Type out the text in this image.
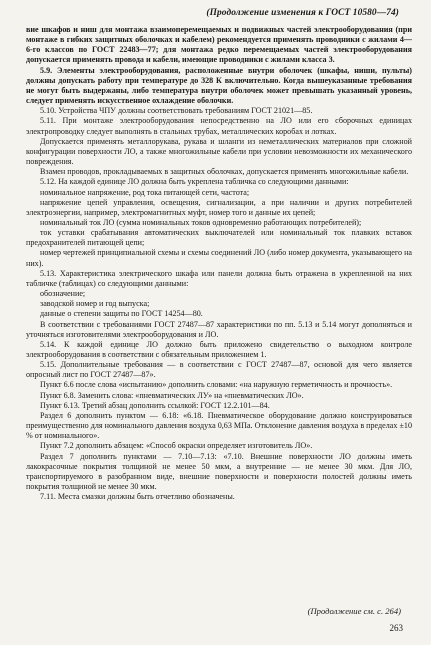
(Продолжение изменения к ГОСТ 10580—74)

вие шкафов и ниш для монтажа взаимоперемещаемых и подвижных частей электрооборудования (при монтаже в гибких защитных оболочках и кабелем) рекомендуется применять проводники с жилами 4—6-го классов по ГОСТ 22483—77; для монтажа редко перемещаемых частей электрооборудования допускается применять провода и кабели, имеющие проводники с жилами класса 3.

5.9. Элементы электрооборудования, расположенные внутри оболочек (шкафы, ниши, пульты) должны допускать работу при температуре до 328 К включительно. Когда вышеуказанные требования не могут быть выдержаны, либо температура внутри оболочек может превышать указанный уровень, следует применять искусственное охлаждение оболочки.

5.10. Устройства ЧПУ должны соответствовать требованиям ГОСТ 21021—85.

5.11. При монтаже электрооборудования непосредственно на ЛО или его сборочных единицах электропроводку следует выполнять в стальных трубах, металлических коробах и лотках.

Допускается применять металлорукава, рукава и шланги из неметаллических материалов при сложной конфигурации поверхности ЛО, а также многожильные кабели при условии невозможности их механического повреждения.

Взамен проводов, прокладываемых в защитных оболочках, допускается применять многожильные кабели.

5.12. На каждой единице ЛО должна быть укреплена табличка со следующими данными:

номинальное напряжение, род тока питающей сети, частота;

напряжение цепей управления, освещения, сигнализации, а при наличии и других потребителей электроэнергии, например, электромагнитных муфт, номер того и данные их цепей;

номинальный ток ЛО (сумма номинальных токов одновременно работающих потребителей);

ток уставки срабатывания автоматических выключателей или номинальный ток плавких вставок предохранителей питающей цепи;

номер чертежей принципиальной схемы и схемы соединений ЛО (либо номер документа, указывающего на них).

5.13. Характеристика электрического шкафа или панели должна быть отражена в укрепленной на них табличке (таблицах) со следующими данными:

обозначение;

заводской номер и год выпуска;

данные о степени защиты по ГОСТ 14254—80.

В соответствии с требованиями ГОСТ 27487—87 характеристики по пп. 5.13 и 5.14 могут дополняться и уточняться изготовителями электрооборудования и ЛО.

5.14. К каждой единице ЛО должно быть приложено свидетельство о выходном контроле электрооборудования в соответствии с обязательным приложением 1.

5.15. Дополнительные требования — в соответствии с ГОСТ 27487—87, основой для чего является опросный лист по ГОСТ 27487—87».

Пункт 6.6 после слова «испытанию» дополнить словами: «на наружную герметичность и прочность».

Пункт 6.8. Заменить слова: «пневматических ЛУ» на «пневматических ЛО».

Пункт 6.13. Третий абзац дополнить ссылкой: ГОСТ 12.2.101—84.

Раздел 6 дополнить пунктом — 6.18: «6.18. Пневматическое оборудование должно конструироваться преимущественно для номинального давления воздуха 0,63 МПа. Отклонение давления воздуха в пределах ±10 % от номинального».

Пункт 7.2 дополнить абзацем: «Способ окраски определяет изготовитель ЛО».

Раздел 7 дополнить пунктами — 7.10—7.13: «7.10. Внешние поверхности ЛО должны иметь лакокрасочные покрытия толщиной не менее 50 мкм, а внутренние — не менее 30 мкм. Для ЛО, транспортируемого в разобранном виде, внешние поверхности и поверхности полостей должны иметь покрытия толщиной не менее 30 мкм.

7.11. Места смазки должны быть отчетливо обозначены.

(Продолжение см. с. 264)
263
